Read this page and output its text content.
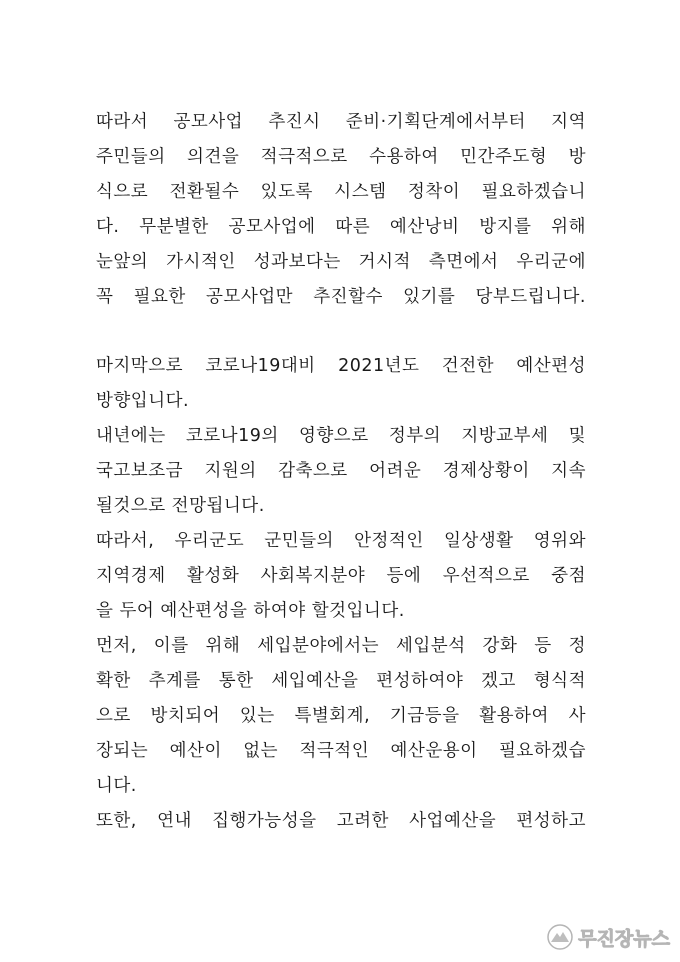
따라서 공모사업 추진시 준비·기획단계에서부터 지역
주민들의 의견을 적극적으로 수용하여 민간주도형 방
식으로 전환될수 있도록 시스템 정착이 필요하겠습니
다. 무분별한 공모사업에 따른 예산낭비 방지를 위해
눈앞의 가시적인 성과보다는 거시적 측면에서 우리군에
꼭 필요한 공모사업만 추진할수 있기를 당부드립니다.
마지막으로 코로나19대비 2021년도 건전한 예산편성
방향입니다.
내년에는 코로나19의 영향으로 정부의 지방교부세 및
국고보조금 지원의 감축으로 어려운 경제상황이 지속
될것으로 전망됩니다.
따라서, 우리군도 군민들의 안정적인 일상생활 영위와
지역경제 활성화 사회복지분야 등에 우선적으로 중점
을 두어 예산편성을 하여야 할것입니다.
먼저, 이를 위해 세입분야에서는 세입분석 강화 등 정
확한 추계를 통한 세입예산을 편성하여야 겠고 형식적
으로 방치되어 있는 특별회계, 기금등을 활용하여 사
장되는 예산이 없는 적극적인 예산운용이 필요하겠습
니다.
또한, 연내 집행가능성을 고려한 사업예산을 편성하고
무진장뉴스
